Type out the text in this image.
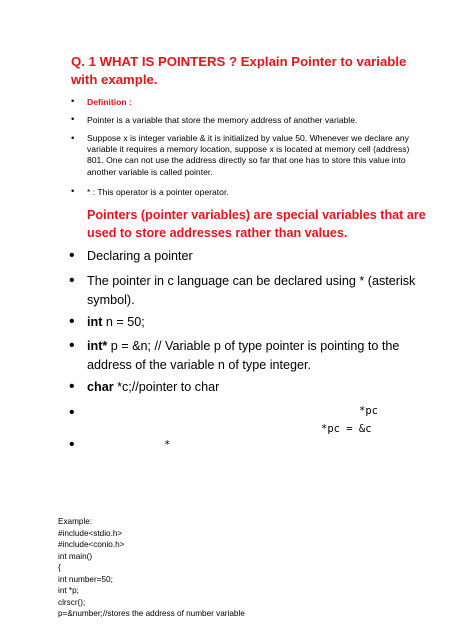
Q. 1 WHAT IS POINTERS ? Explain Pointer to variable with example.
• Definition :
• Pointer is a variable that store the memory address of another variable.
• Suppose x is integer variable & it is initialized by value 50. Whenever we declare any variable it requires a memory location, suppose x is located at memory cell (address) 801. One can not use the address directly so far that one has to store this value into another variable is called pointer.
• * : This operator is a pointer operator.
Pointers (pointer variables) are special variables that are used to store addresses rather than values.
• Declaring a pointer
• The pointer in c language can be declared using * (asterisk symbol).
• int n = 50;
• int* p = &n; // Variable p of type pointer is pointing to the address of the variable n of type integer.
• char *c;//pointer to char
•
•
*pc
*pc = &c
*
Example:
#include<stdio.h>
#include<conio.h>
int main()
{
int number=50;
int *p;
clrscr();
p=&number;//stores the address of number variable
